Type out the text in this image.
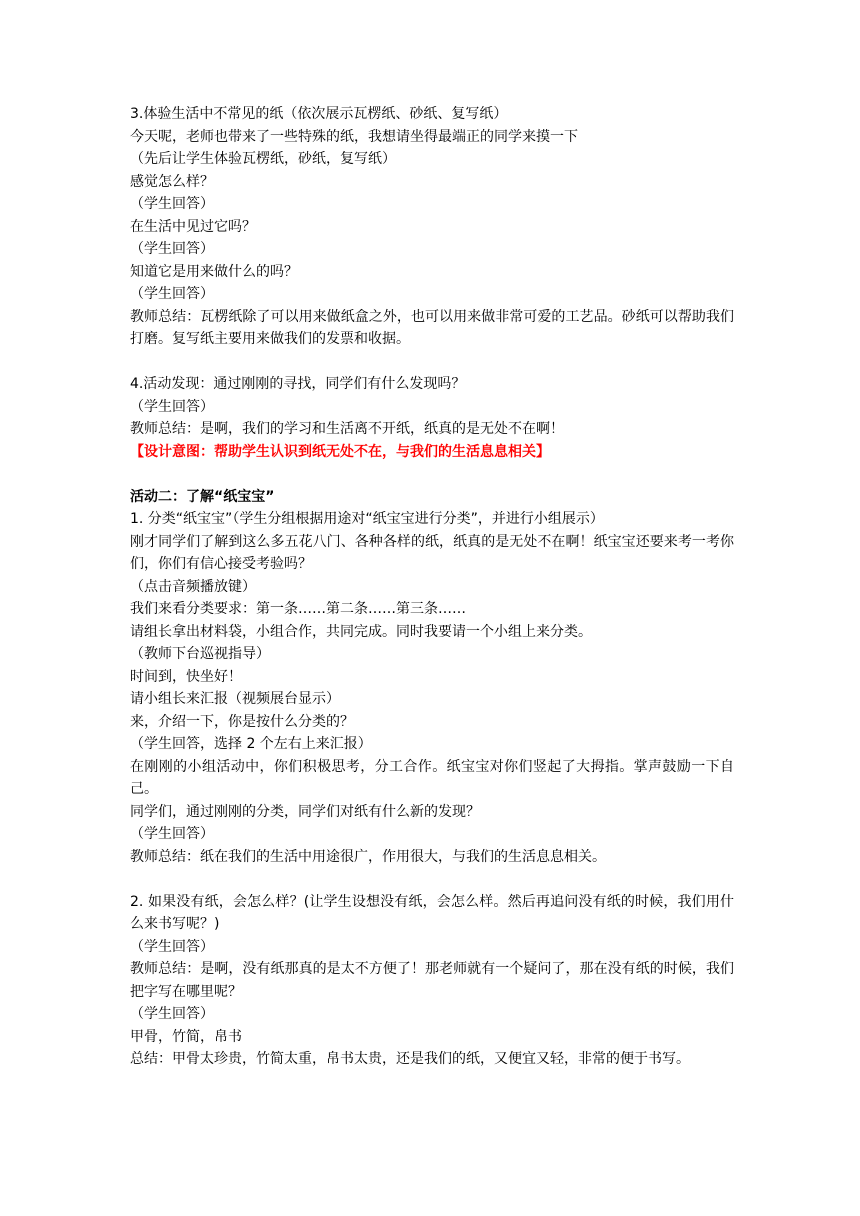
3.体验生活中不常见的纸（依次展示瓦楞纸、砂纸、复写纸）
今天呢，老师也带来了一些特殊的纸，我想请坐得最端正的同学来摸一下
（先后让学生体验瓦楞纸，砂纸，复写纸）
感觉怎么样？
（学生回答）
在生活中见过它吗？
（学生回答）
知道它是用来做什么的吗？
（学生回答）
教师总结：瓦楞纸除了可以用来做纸盒之外，也可以用来做非常可爱的工艺品。砂纸可以帮助我们打磨。复写纸主要用来做我们的发票和收据。
4.活动发现：通过刚刚的寻找，同学们有什么发现吗？
（学生回答）
教师总结：是啊，我们的学习和生活离不开纸，纸真的是无处不在啊！
【设计意图：帮助学生认识到纸无处不在，与我们的生活息息相关】
活动二：了解“纸宝宝”
1. 分类“纸宝宝”（学生分组根据用途对“纸宝宝进行分类”，并进行小组展示）
刚才同学们了解到这么多五花八门、各种各样的纸，纸真的是无处不在啊！纸宝宝还要来考一考你们，你们有信心接受考验吗？
（点击音频播放键）
我们来看分类要求：第一条……第二条……第三条……
请组长拿出材料袋，小组合作，共同完成。同时我要请一个小组上来分类。
（教师下台巡视指导）
时间到，快坐好！
请小组长来汇报（视频展台显示）
来，介绍一下，你是按什么分类的？
（学生回答，选择 2 个左右上来汇报）
在刚刚的小组活动中，你们积极思考，分工合作。纸宝宝对你们竖起了大拇指。掌声鼓励一下自己。
同学们，通过刚刚的分类，同学们对纸有什么新的发现？
（学生回答）
教师总结：纸在我们的生活中用途很广，作用很大，与我们的生活息息相关。
2. 如果没有纸，会怎么样？(让学生设想没有纸，会怎么样。然后再追问没有纸的时候，我们用什么来书写呢？)
（学生回答）
教师总结：是啊，没有纸那真的是太不方便了！那老师就有一个疑问了，那在没有纸的时候，我们把字写在哪里呢？
（学生回答）
甲骨，竹简，帛书
总结：甲骨太珍贵，竹简太重，帛书太贵，还是我们的纸，又便宜又轻，非常的便于书写。
